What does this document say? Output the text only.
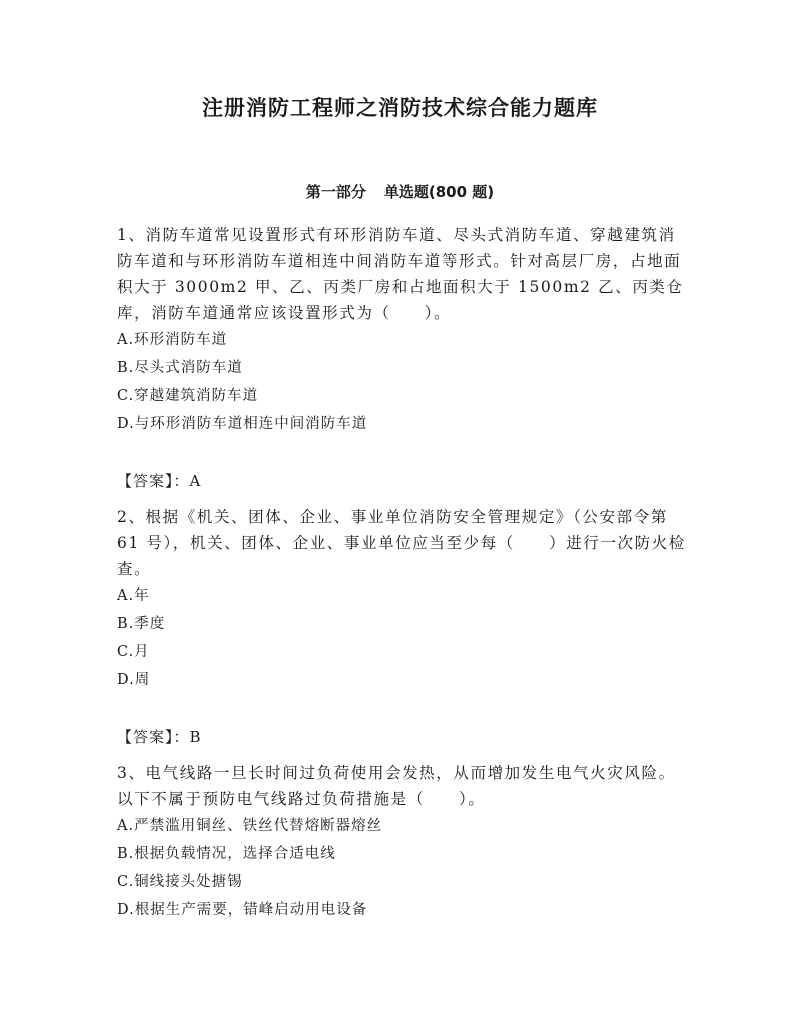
注册消防工程师之消防技术综合能力题库
第一部分 单选题(800 题)
1、消防车道常见设置形式有环形消防车道、尽头式消防车道、穿越建筑消防车道和与环形消防车道相连中间消防车道等形式。针对高层厂房，占地面积大于 3000m2 甲、乙、丙类厂房和占地面积大于 1500m2 乙、丙类仓库，消防车道通常应该设置形式为（　　）。
A.环形消防车道
B.尽头式消防车道
C.穿越建筑消防车道
D.与环形消防车道相连中间消防车道
【答案】：A
2、根据《机关、团体、企业、事业单位消防安全管理规定》（公安部令第 61 号），机关、团体、企业、事业单位应当至少每（　　）进行一次防火检查。
A.年
B.季度
C.月
D.周
【答案】：B
3、电气线路一旦长时间过负荷使用会发热，从而增加发生电气火灾风险。以下不属于预防电气线路过负荷措施是（　　）。
A.严禁滥用铜丝、铁丝代替熔断器熔丝
B.根据负载情况，选择合适电线
C.铜线接头处搪锡
D.根据生产需要，错峰启动用电设备
